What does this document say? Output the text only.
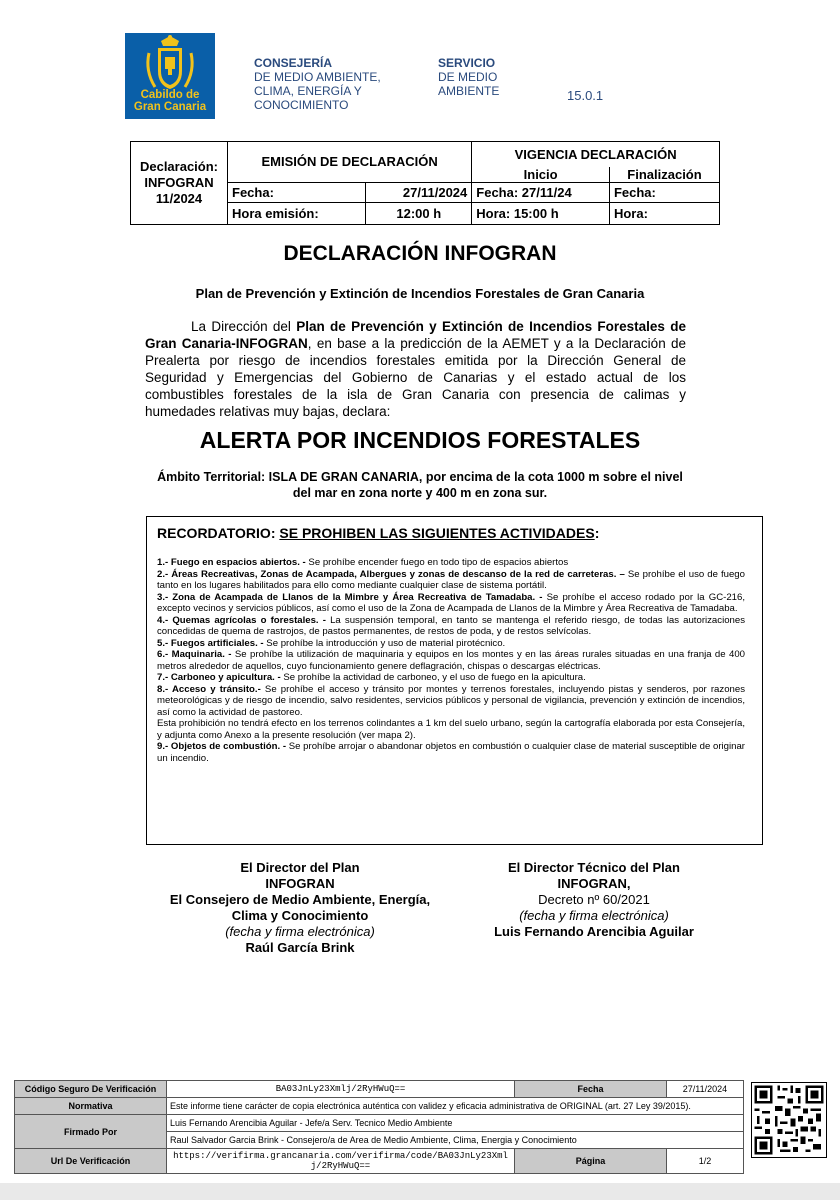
Cabildo de
Gran Canaria
CONSEJERÍA
DE MEDIO AMBIENTE,
CLIMA, ENERGÍA Y
CONOCIMIENTO
SERVICIO
DE MEDIO
AMBIENTE	15.0.1
Declaración:
INFOGRAN
11/2024	EMISIÓN DE DECLARACIÓN		VIGENCIA DECLARACIÓN	
			Inicio	Finalización
	Fecha:	27/11/2024	Fecha: 27/11/24	Fecha:
	Hora emisión:	12:00 h	Hora: 15:00 h	Hora:
DECLARACIÓN INFOGRAN
Plan de Prevención y Extinción de Incendios Forestales de Gran Canaria
La Dirección del Plan de Prevención y Extinción de Incendios Forestales de Gran Canaria-INFOGRAN, en base a la predicción de la AEMET y a la Declaración de Prealerta por riesgo de incendios forestales emitida por la Dirección General de Seguridad y Emergencias del Gobierno de Canarias y el estado actual de los combustibles forestales de la isla de Gran Canaria con presencia de calimas y humedades relativas muy bajas, declara:
ALERTA POR INCENDIOS FORESTALES
Ámbito Territorial: ISLA DE GRAN CANARIA, por encima de la cota 1000 m sobre el nivel
del mar en zona norte y 400 m en zona sur.
RECORDATORIO: SE PROHIBEN LAS SIGUIENTES ACTIVIDADES:

1.- Fuego en espacios abiertos. - Se prohíbe encender fuego en todo tipo de espacios abiertos

2.- Áreas Recreativas, Zonas de Acampada, Albergues y zonas de descanso de la red de carreteras. – Se prohíbe el uso de fuego tanto en los lugares habilitados para ello como mediante cualquier clase de sistema portátil.

3.- Zona de Acampada de Llanos de la Mimbre y Área Recreativa de Tamadaba. - Se prohíbe el acceso rodado por la GC-216, excepto vecinos y servicios públicos, así como el uso de la Zona de Acampada de Llanos de la Mimbre y Área Recreativa de Tamadaba.

4.- Quemas agrícolas o forestales. - La suspensión temporal, en tanto se mantenga el referido riesgo, de todas las autorizaciones concedidas de quema de rastrojos, de pastos permanentes, de restos de poda, y de restos selvícolas.

5.- Fuegos artificiales. - Se prohíbe la introducción y uso de material pirotécnico.

6.- Maquinaria. - Se prohíbe la utilización de maquinaria y equipos en los montes y en las áreas rurales situadas en una franja de 400 metros alrededor de aquellos, cuyo funcionamiento genere deflagración, chispas o descargas eléctricas.

7.- Carboneo y apicultura. - Se prohíbe la actividad de carboneo, y el uso de fuego en la apicultura.

8.- Acceso y tránsito.- Se prohíbe el acceso y tránsito por montes y terrenos forestales, incluyendo pistas y senderos, por razones meteorológicas y de riesgo de incendio, salvo residentes, servicios públicos y personal de vigilancia, prevención y extinción de incendios, así como la actividad de pastoreo.

Esta prohibición no tendrá efecto en los terrenos colindantes a 1 km del suelo urbano, según la cartografía elaborada por esta Consejería, y adjunta como Anexo a la presente resolución (ver mapa 2).

9.- Objetos de combustión. - Se prohíbe arrojar o abandonar objetos en combustión o cualquier clase de material susceptible de originar un incendio.

El Director del Plan
INFOGRAN
El Consejero de Medio Ambiente, Energía,
Clima y Conocimiento
(fecha y firma electrónica)
Raúl García Brink
El Director Técnico del Plan
INFOGRAN,
Decreto nº 60/2021
(fecha y firma electrónica)
Luis Fernando Arencibia Aguilar
Código Seguro De Verificación	BA03JnLy23Xmlj/2RyHWuQ==	Fecha	27/11/2024
Normativa	Este informe tiene carácter de copia electrónica auténtica con validez y eficacia administrativa de ORIGINAL (art. 27 Ley 39/2015).		
Firmado Por	Luis Fernando Arencibia Aguilar - Jefe/a Serv. Tecnico Medio Ambiente		
	Raul Salvador Garcia Brink - Consejero/a de Area de Medio Ambiente, Clima, Energia y Conocimiento		
Url De Verificación	https://verifirma.grancanaria.com/verifirma/code/BA03JnLy23Xmlj/2RyHWuQ==	Página	1/2
